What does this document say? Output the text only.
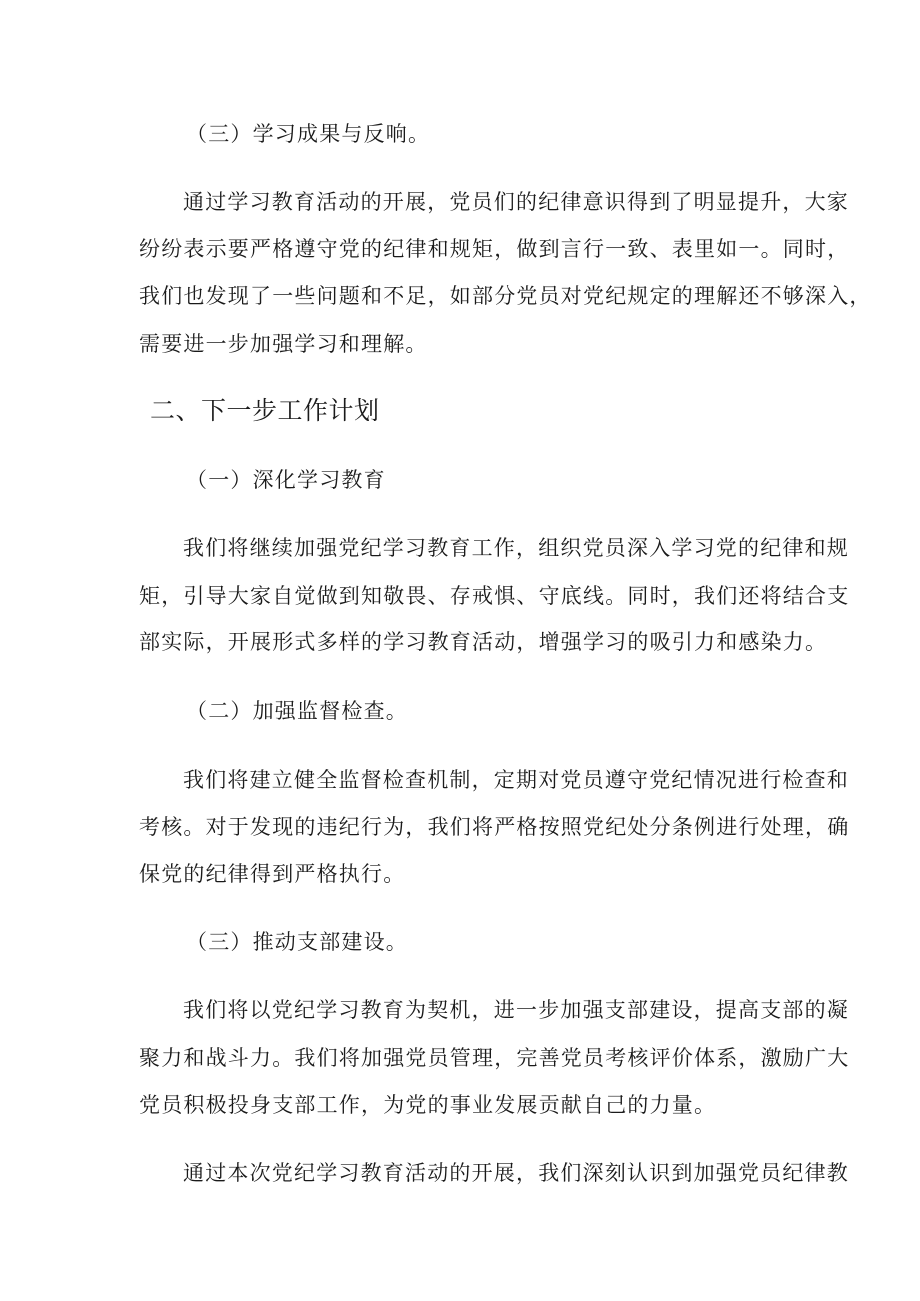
（三）学习成果与反响。
通过学习教育活动的开展，党员们的纪律意识得到了明显提升，大家
纷纷表示要严格遵守党的纪律和规矩，做到言行一致、表里如一。同时，
我们也发现了一些问题和不足，如部分党员对党纪规定的理解还不够深入，
需要进一步加强学习和理解。
二、下一步工作计划
（一）深化学习教育
我们将继续加强党纪学习教育工作，组织党员深入学习党的纪律和规
矩，引导大家自觉做到知敬畏、存戒惧、守底线。同时，我们还将结合支
部实际，开展形式多样的学习教育活动，增强学习的吸引力和感染力。
（二）加强监督检查。
我们将建立健全监督检查机制，定期对党员遵守党纪情况进行检查和
考核。对于发现的违纪行为，我们将严格按照党纪处分条例进行处理，确
保党的纪律得到严格执行。
（三）推动支部建设。
我们将以党纪学习教育为契机，进一步加强支部建设，提高支部的凝
聚力和战斗力。我们将加强党员管理，完善党员考核评价体系，激励广大
党员积极投身支部工作，为党的事业发展贡献自己的力量。
通过本次党纪学习教育活动的开展，我们深刻认识到加强党员纪律教
